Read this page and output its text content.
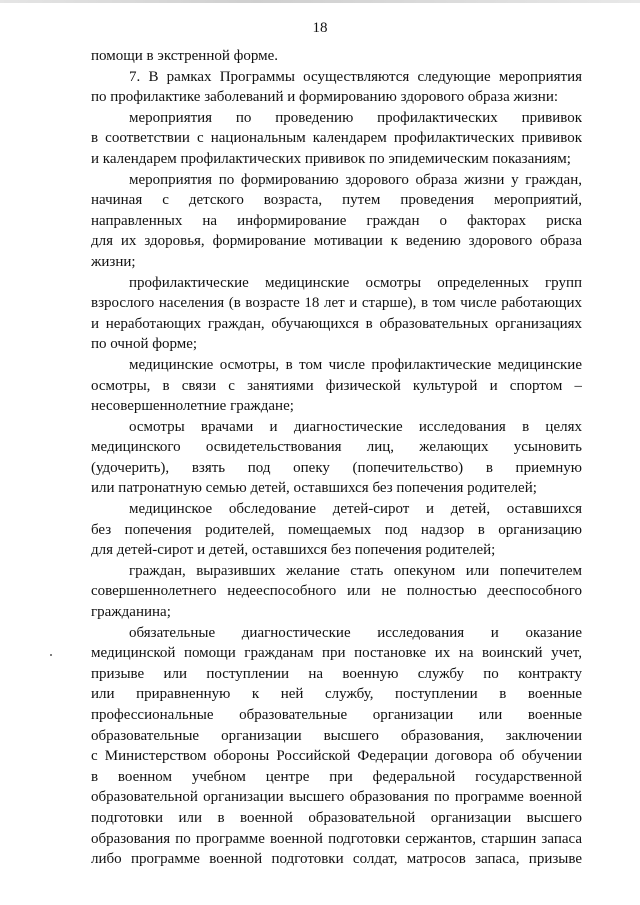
18
помощи в экстренной форме.
7. В рамках Программы осуществляются следующие мероприятия
по профилактике заболеваний и формированию здорового образа жизни:
мероприятия по проведению профилактических прививок
в соответствии с национальным календарем профилактических прививок
и календарем профилактических прививок по эпидемическим показаниям;
мероприятия по формированию здорового образа жизни у граждан,
начиная с детского возраста, путем проведения мероприятий,
направленных на информирование граждан о факторах риска
для их здоровья, формирование мотивации к ведению здорового образа
жизни;
профилактические медицинские осмотры определенных групп
взрослого населения (в возрасте 18 лет и старше), в том числе работающих
и неработающих граждан, обучающихся в образовательных организациях
по очной форме;
медицинские осмотры, в том числе профилактические медицинские
осмотры, в связи с занятиями физической культурой и спортом –
несовершеннолетние граждане;
осмотры врачами и диагностические исследования в целях
медицинского освидетельствования лиц, желающих усыновить
(удочерить), взять под опеку (попечительство) в приемную
или патронатную семью детей, оставшихся без попечения родителей;
медицинское обследование детей-сирот и детей, оставшихся
без попечения родителей, помещаемых под надзор в организацию
для детей-сирот и детей, оставшихся без попечения родителей;
граждан, выразивших желание стать опекуном или попечителем
совершеннолетнего недееспособного или не полностью дееспособного
гражданина;
обязательные диагностические исследования и оказание
медицинской помощи гражданам при постановке их на воинский учет,
призыве или поступлении на военную службу по контракту
или приравненную к ней службу, поступлении в военные
профессиональные образовательные организации или военные
образовательные организации высшего образования, заключении
с Министерством обороны Российской Федерации договора об обучении
в военном учебном центре при федеральной государственной
образовательной организации высшего образования по программе военной
подготовки или в военной образовательной организации высшего
образования по программе военной подготовки сержантов, старшин запаса
либо программе военной подготовки солдат, матросов запаса, призыве
